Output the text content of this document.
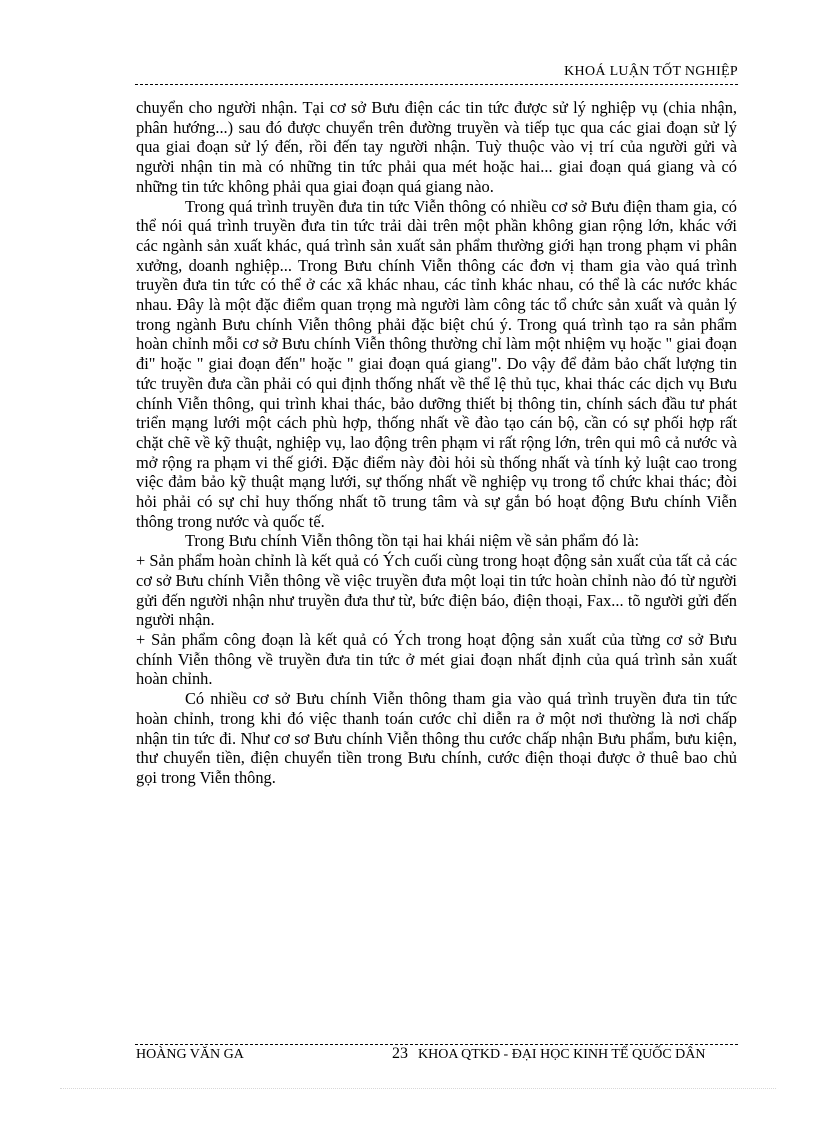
KHOÁ LUẬN TỐT NGHIỆP

chuyển cho người nhận. Tại cơ sở Bưu điện các tin tức được sử lý nghiệp vụ (chia nhận, phân hướng...) sau đó được chuyển trên đường truyền và tiếp tục qua các giai đoạn sử lý qua giai đoạn sử lý đến, rồi đến tay người nhận. Tuỳ thuộc vào vị trí của người gửi và người nhận tin mà có những tin tức phải qua mét hoặc hai... giai đoạn quá giang và có những tin tức không phải qua giai đoạn quá giang nào.

Trong quá trình truyền đưa tin tức Viễn thông có nhiều cơ sở Bưu điện tham gia, có thể nói quá trình truyền đưa tin tức trải dài trên một phần không gian rộng lớn, khác với các ngành sản xuất khác, quá trình sản xuất sản phẩm thường giới hạn trong phạm vi phân xưởng, doanh nghiệp... Trong Bưu chính Viễn thông các đơn vị tham gia vào quá trình truyền đưa tin tức có thể ở các xã khác nhau, các tỉnh khác nhau, có thể là các nước khác nhau. Đây là một đặc điểm quan trọng mà người làm công tác tổ chức sản xuất và quản lý trong ngành Bưu chính Viễn thông phải đặc biệt chú ý. Trong quá trình tạo ra sản phẩm hoàn chỉnh mỗi cơ sở Bưu chính Viễn thông thường chỉ làm một nhiệm vụ hoặc " giai đoạn đi" hoặc " giai đoạn đến" hoặc " giai đoạn quá giang". Do vậy để đảm bảo chất lượng tin tức truyền đưa cần phải có qui định thống nhất về thể lệ thủ tục, khai thác các dịch vụ Bưu chính Viễn thông, qui trình khai thác, bảo dưỡng thiết bị thông tin, chính sách đầu tư phát triển mạng lưới một cách phù hợp, thống nhất về đào tạo cán bộ, cần có sự phối hợp rất chặt chẽ về kỹ thuật, nghiệp vụ, lao động trên phạm vi rất rộng lớn, trên qui mô cả nước và mở rộng ra phạm vi thế giới. Đặc điểm này đòi hỏi sù thống nhất và tính kỷ luật cao trong việc đảm bảo kỹ thuật mạng lưới, sự thống nhất về nghiệp vụ trong tổ chức khai thác; đòi hỏi phải có sự chỉ huy thống nhất tõ trung tâm và sự gắn bó hoạt động Bưu chính Viễn thông trong nước và quốc tế.

Trong Bưu chính Viễn thông tồn tại hai khái niệm về sản phẩm đó là:

+ Sản phẩm hoàn chỉnh là kết quả có Ých cuối cùng trong hoạt động sản xuất của tất cả các cơ sở Bưu chính Viễn thông về việc truyền đưa một loại tin tức hoàn chỉnh nào đó từ người gửi đến người nhận như truyền đưa thư từ, bức điện báo, điện thoại, Fax... tõ người gửi đến người nhận.

+ Sản phẩm công đoạn là kết quả có Ých trong hoạt động sản xuất của từng cơ sở Bưu chính Viễn thông về truyền đưa tin tức ở mét giai đoạn nhất định của quá trình sản xuất hoàn chỉnh.

Có nhiều cơ sở Bưu chính Viễn thông tham gia vào quá trình truyền đưa tin tức hoàn chỉnh, trong khi đó việc thanh toán cước chỉ diễn ra ở một nơi thường là nơi chấp nhận tin tức đi. Như cơ sơ Bưu chính Viễn thông thu cước chấp nhận Bưu phẩm, bưu kiện, thư chuyển tiền, điện chuyển tiền trong Bưu chính, cước điện thoại được ở thuê bao chủ gọi trong Viễn thông.

HOÀNG VĂN GA	23 KHOA QTKD - ĐẠI HỌC KINH TẾ QUỐC DÂN
